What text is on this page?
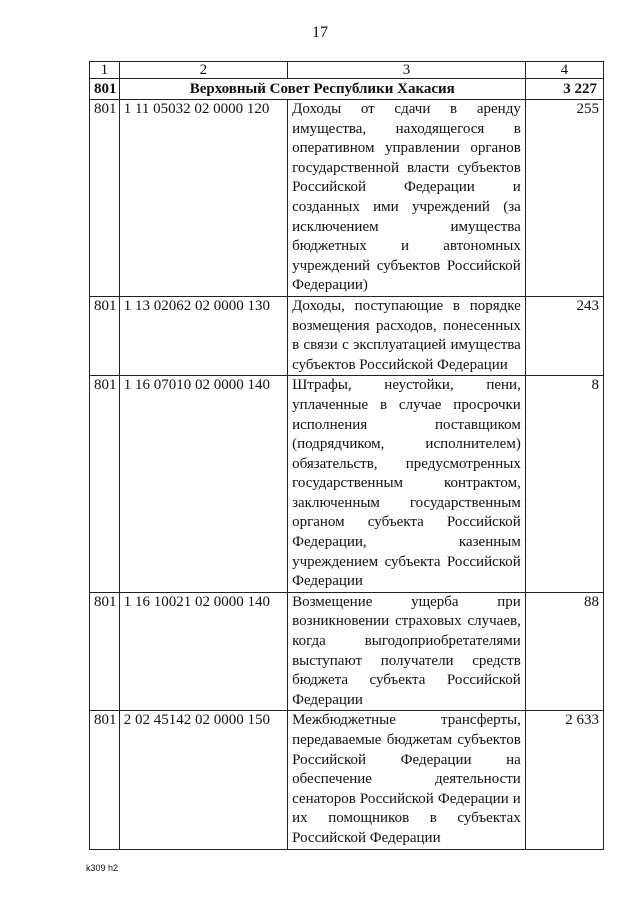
17
1	2	3	4
801	Верховный Совет Республики Хакасия		3 227
801	1 11 05032 02 0000 120	Доходы от сдачи в аренду имущества, находящегося в оперативном управлении органов государственной власти субъектов Российской Федерации и созданных ими учреждений (за исключением имущества бюджетных и автономных учреждений субъектов Российской Федерации)	255
801	1 13 02062 02 0000 130	Доходы, поступающие в порядке возмещения расходов, понесенных в связи с эксплуатацией имущества субъектов Российской Федерации	243
801	1 16 07010 02 0000 140	Штрафы, неустойки, пени, уплаченные в случае просрочки исполнения поставщиком (подрядчиком, исполнителем) обязательств, предусмотренных государственным контрактом, заключенным государственным органом субъекта Российской Федерации, казенным учреждением субъекта Российской Федерации	8
801	1 16 10021 02 0000 140	Возмещение ущерба при возникновении страховых случаев, когда выгодоприобретателями выступают получатели средств бюджета субъекта Российской Федерации	88
801	2 02 45142 02 0000 150	Межбюджетные трансферты, передаваемые бюджетам субъектов Российской Федерации на обеспечение деятельности сенаторов Российской Федерации и их помощников в субъектах Российской Федерации	2 633
k309 h2
